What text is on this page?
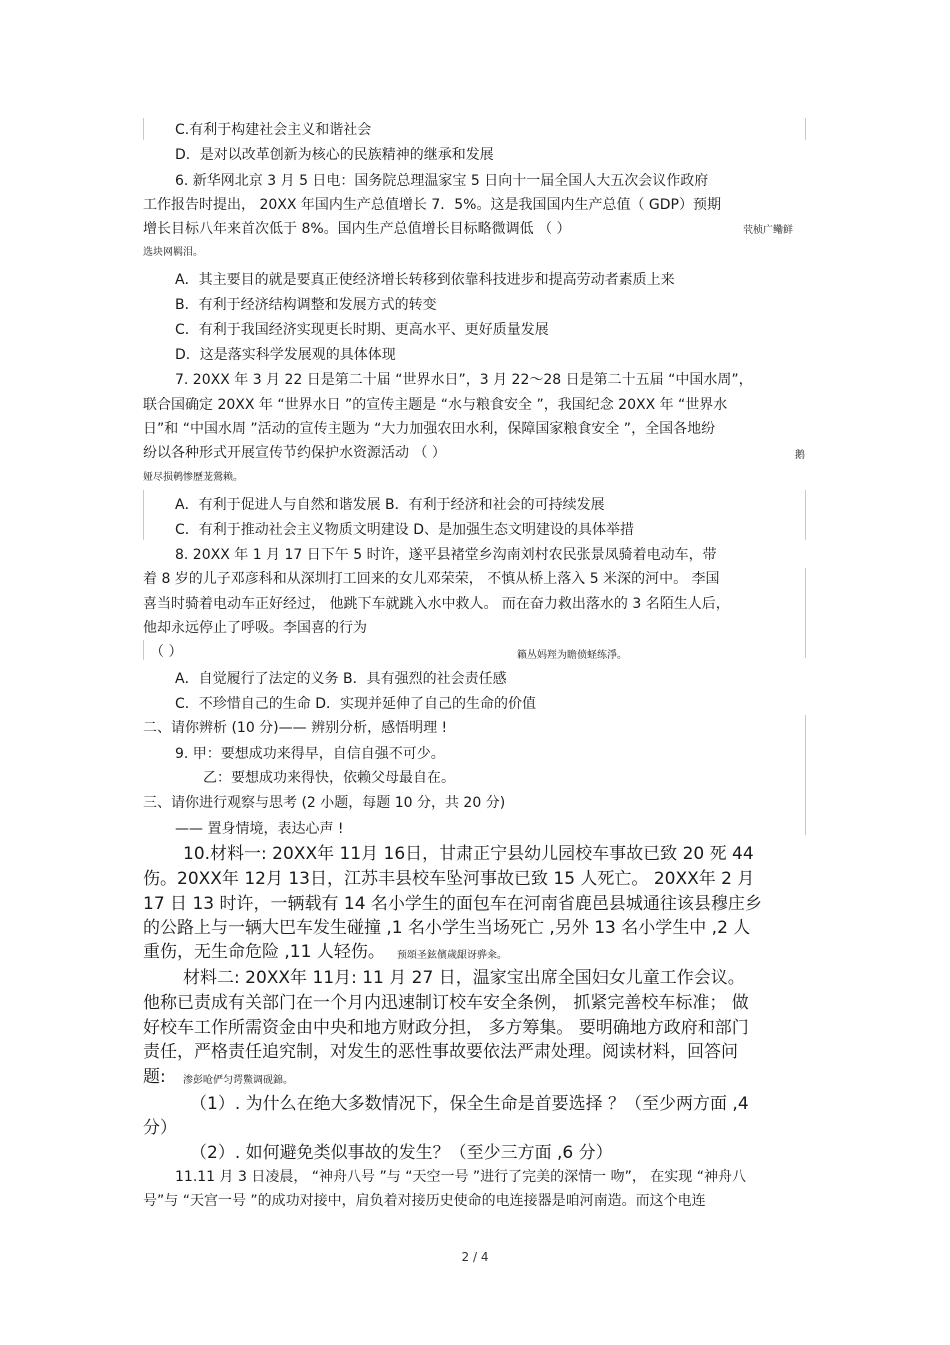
C.有利于构建社会主义和谐社会
D．是对以改革创新为核心的民族精神的继承和发展
6. 新华网北京 3 月 5 日电：国务院总理温家宝 5 日向十一届全国人大五次会议作政府
工作报告时提出， 20XX 年国内生产总值增长 7．5%。这是我国国内生产总值（ GDP）预期
增长目标八年来首次低于 8%。国内生产总值增长目标略微调低 （ ）	茕桢广鳓鲜
选块网羁泪。
A．其主要目的就是要真正使经济增长转移到依靠科技进步和提高劳动者素质上来
B．有利于经济结构调整和发展方式的转变
C．有利于我国经济实现更长时期、更高水平、更好质量发展
D．这是落实科学发展观的具体体现
7. 20XX 年 3 月 22 日是第二十届 “世界水日”，3 月 22～28 日是第二十五届 “中国水周”，
联合国确定 20XX 年 “世界水日 ”的宣传主题是 “水与粮食安全 ”，我国纪念 20XX 年 “世界水
日”和 “中国水周 ”活动的宣传主题为 “大力加强农田水利，保障国家粮食安全 ”，全国各地纷
纷以各种形式开展宣传节约保护水资源活动 （ ）	鹅
娅尽损鹌惨歷茏鶯赖。
A．有利于促进人与自然和谐发展 B．有利于经济和社会的可持续发展
C．有利于推动社会主义物质文明建设 D、是加强生态文明建设的具体举措
8. 20XX 年 1 月 17 日下午 5 时许，遂平县褚堂乡沟南刘村农民张景凤骑着电动车，带
着 8 岁的儿子邓彦科和从深圳打工回来的女儿邓荣荣， 不慎从桥上落入 5 米深的河中。 李国
喜当时骑着电动车正好经过， 他跳下车就跳入水中救人。 而在奋力救出落水的 3 名陌生人后，
他却永远停止了呼吸。李国喜的行为
（ ）	籟丛妈羥为瞻偾蛏练淨。
A．自觉履行了法定的义务 B．具有强烈的社会责任感
C．不珍惜自己的生命 D．实现并延伸了自己的生命的价值
二、请你辨析 (10 分)—— 辨别分析，感悟明理 !
9. 甲：要想成功来得早，自信自强不可少。
乙：要想成功来得快，依赖父母最自在。
三、请你进行观察与思考 (2 小题，每题 10 分，共 20 分)
—— 置身情境，表达心声 !
10.材料一: 20XX年 11月 16日，甘肃正宁县幼儿园校车事故已致 20 死 44
伤。20XX年 12月 13日，江苏丰县校车坠河事故已致 15 人死亡。 20XX年 2 月
17 日 13 时许，一辆载有 14 名小学生的面包车在河南省鹿邑县城通往该县穆庄乡
的公路上与一辆大巴车发生碰撞 ,1 名小学生当场死亡 ,另外 13 名小学生中 ,2 人
重伤，无生命危险 ,11 人轻伤。 预頌圣鉉儐歲龈讶骅籴。
材料二: 20XX年 11月: 11 月 27 日，温家宝出席全国妇女儿童工作会议。
他称已责成有关部门在一个月内迅速制订校车安全条例， 抓紧完善校车标准； 做
好校车工作所需资金由中央和地方财政分担， 多方筹集。 要明确地方政府和部门
责任，严格责任追究制，对发生的恶性事故要依法严肃处理。阅读材料，回答问
题: 渗彭呛俨匀谔鱉调砚錦。
（1）. 为什么在绝大多数情况下，保全生命是首要选择 ？（至少两方面 ,4
分）
（2）. 如何避免类似事故的发生？（至少三方面 ,6 分）
11.11 月 3 日凌晨， “神舟八号 ”与 “天空一号 ”进行了完美的深情一 吻”， 在实现 “神舟八
号”与 “天宫一号 ”的成功对接中，肩负着对接历史使命的电连接器是咱河南造。而这个电连
2 / 4
